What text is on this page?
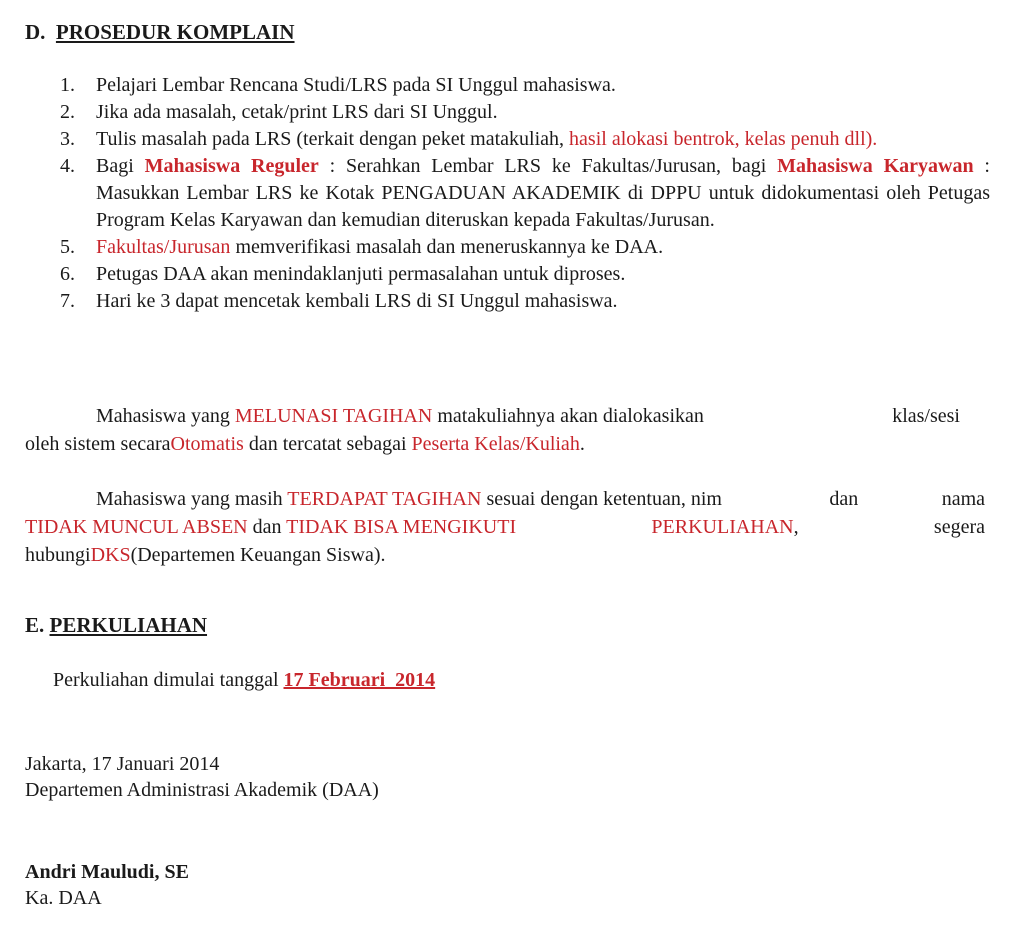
D. PROSEDUR KOMPLAIN
1. Pelajari Lembar Rencana Studi/LRS pada SI Unggul mahasiswa.
2. Jika ada masalah, cetak/print LRS dari SI Unggul.
3. Tulis masalah pada LRS (terkait dengan peket matakuliah, hasil alokasi bentrok, kelas penuh dll).
4. Bagi Mahasiswa Reguler : Serahkan Lembar LRS ke Fakultas/Jurusan, bagi Mahasiswa Karyawan : Masukkan Lembar LRS ke Kotak PENGADUAN AKADEMIK di DPPU untuk didokumentasi oleh Petugas Program Kelas Karyawan dan kemudian diteruskan kepada Fakultas/Jurusan.
5. Fakultas/Jurusan memverifikasi masalah dan meneruskannya ke DAA.
6. Petugas DAA akan menindaklanjuti permasalahan untuk diproses.
7. Hari ke 3 dapat mencetak kembali LRS di SI Unggul mahasiswa.
Mahasiswa yang MELUNASI TAGIHAN matakuliahnya akan dialokasikan	klas/sesi
oleh sistem secara Otomatis
dan tercatat sebagai
Peserta Kelas/Kuliah .
Mahasiswa yang masih TERDAPAT TAGIHAN sesuai dengan ketentuan, nim	dan	nama
TIDAK MUNCUL ABSEN dan TIDAK BISA MENGIKUTI	PERKULIAHAN,	segera
hubungi DKS (Departemen Keuangan Siswa).
E. PERKULIAHAN
Perkuliahan dimulai tanggal 17 Februari  2014
Jakarta, 17 Januari 2014
Departemen Administrasi Akademik (DAA)
Andri Mauludi, SE
Ka. DAA
